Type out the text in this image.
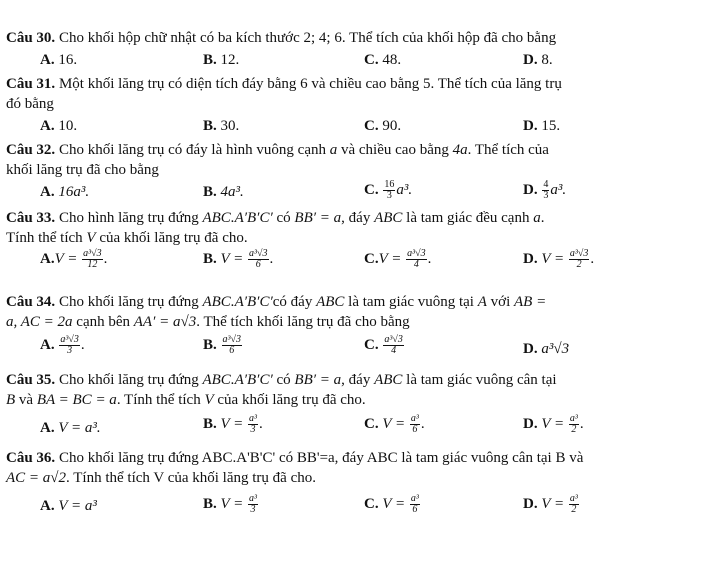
Câu 30. Cho khối hộp chữ nhật có ba kích thước 2; 4; 6. Thể tích của khối hộp đã cho bằng
A. 16.	B. 12.	C. 48.	D. 8.
Câu 31. Một khối lăng trụ có diện tích đáy bằng 6 và chiều cao bằng 5. Thể tích của lăng trụ
đó bằng
A. 10.	B. 30.	C. 90.	D. 15.
Câu 32. Cho khối lăng trụ có đáy là hình vuông cạnh a và chiều cao bằng 4a. Thể tích của
khối lăng trụ đã cho bằng
A. 16a³.	B. 4a³.	C. $\frac{16}{3} a^3$.	D. $\frac{4}{3} a^3$.
Câu 33. Cho hình lăng trụ đứng ABC.A′B′C′ có BB′ = a, đáy ABC là tam giác đều cạnh a.
Tính thể tích V của khối lăng trụ đã cho.
$A.V = \frac{\text{a³√3}}{12}$ .	B. $V = \frac{\text{a³√3}}{6}$ .	$C.V = \frac{\text{a³√3}}{4}$ .	D. $V = \frac{\text{a³√3}}{2}$ .
Câu 34. Cho khối lăng trụ đứng ABC.A′B′C′có đáy ABC là tam giác vuông tại A với AB =
a, AC = 2a cạnh bên AA′ = a√3. Thể tích khối lăng trụ đã cho bằng
A. $\frac{\text{a³√3}}{3}$ .	B. $\frac{\text{a³√3}}{6}$	C. $\frac{\text{a³√3}}{4}$	D. a³√3
Câu 35. Cho khối lăng trụ đứng ABC.A′B′C′ có BB′ = a, đáy ABC là tam giác vuông cân tại
B và BA = BC = a. Tính thể tích V của khối lăng trụ đã cho.
A. V = a³.	B. $V = \frac{\text{a³}}{3}$ .	C. $V = \frac{\text{a³}}{6}$ .	D. $V = \frac{\text{a³}}{2}$ .
Câu 36. Cho khối lăng trụ đứng ABC.A'B'C' có BB'=a, đáy ABC là tam giác vuông cân tại B và
AC = a√2. Tính thể tích V của khối lăng trụ đã cho.
A. V = a³	B. $V = \frac{\text{a³}}{3}$	C. $V = \frac{\text{a³}}{6}$	D. $V = \frac{\text{a³}}{2}$
